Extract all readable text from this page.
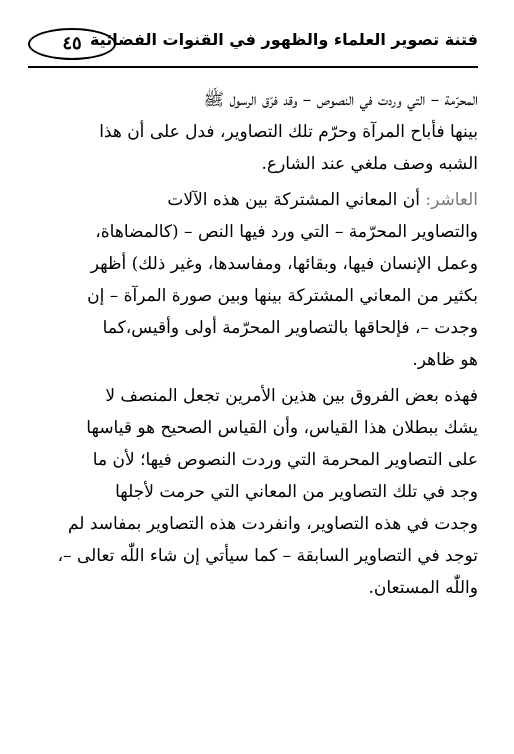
فتنة تصوير العلماء والظهور في القنوات الفضائية
٤٥

المحرّمة – التي وردت في النصوص – وقد فرّق الرسول ﷺ
بينها فأباح المرآة وحرّم تلك التصاوير، فدل على أن هذا
الشبه وصف ملغي عند الشارع.

العاشر: أن المعاني المشتركة بين هذه الآلات
والتصاوير المحرّمة – التي ورد فيها النص – (كالمضاهاة،
وعمل الإنسان فيها، وبقائها، ومفاسدها، وغير ذلك) أظهر
بكثير من المعاني المشتركة بينها وبين صورة المرآة – إن
وجدت –، فإلحاقها بالتصاوير المحرّمة أولى وأقيس،كما
هو ظاهر.

فهذه بعض الفروق بين هذين الأمرين تجعل المنصف لا
يشك ببطلان هذا القياس، وأن القياس الصحيح هو قياسها
على التصاوير المحرمة التي وردت النصوص فيها؛ لأن ما
وجد في تلك التصاوير من المعاني التي حرمت لأجلها
وجدت في هذه التصاوير، وانفردت هذه التصاوير بمفاسد لم
توجد في التصاوير السابقة – كما سيأتي إن شاء اللّٰه تعالى –،
واللّٰه المستعان.
